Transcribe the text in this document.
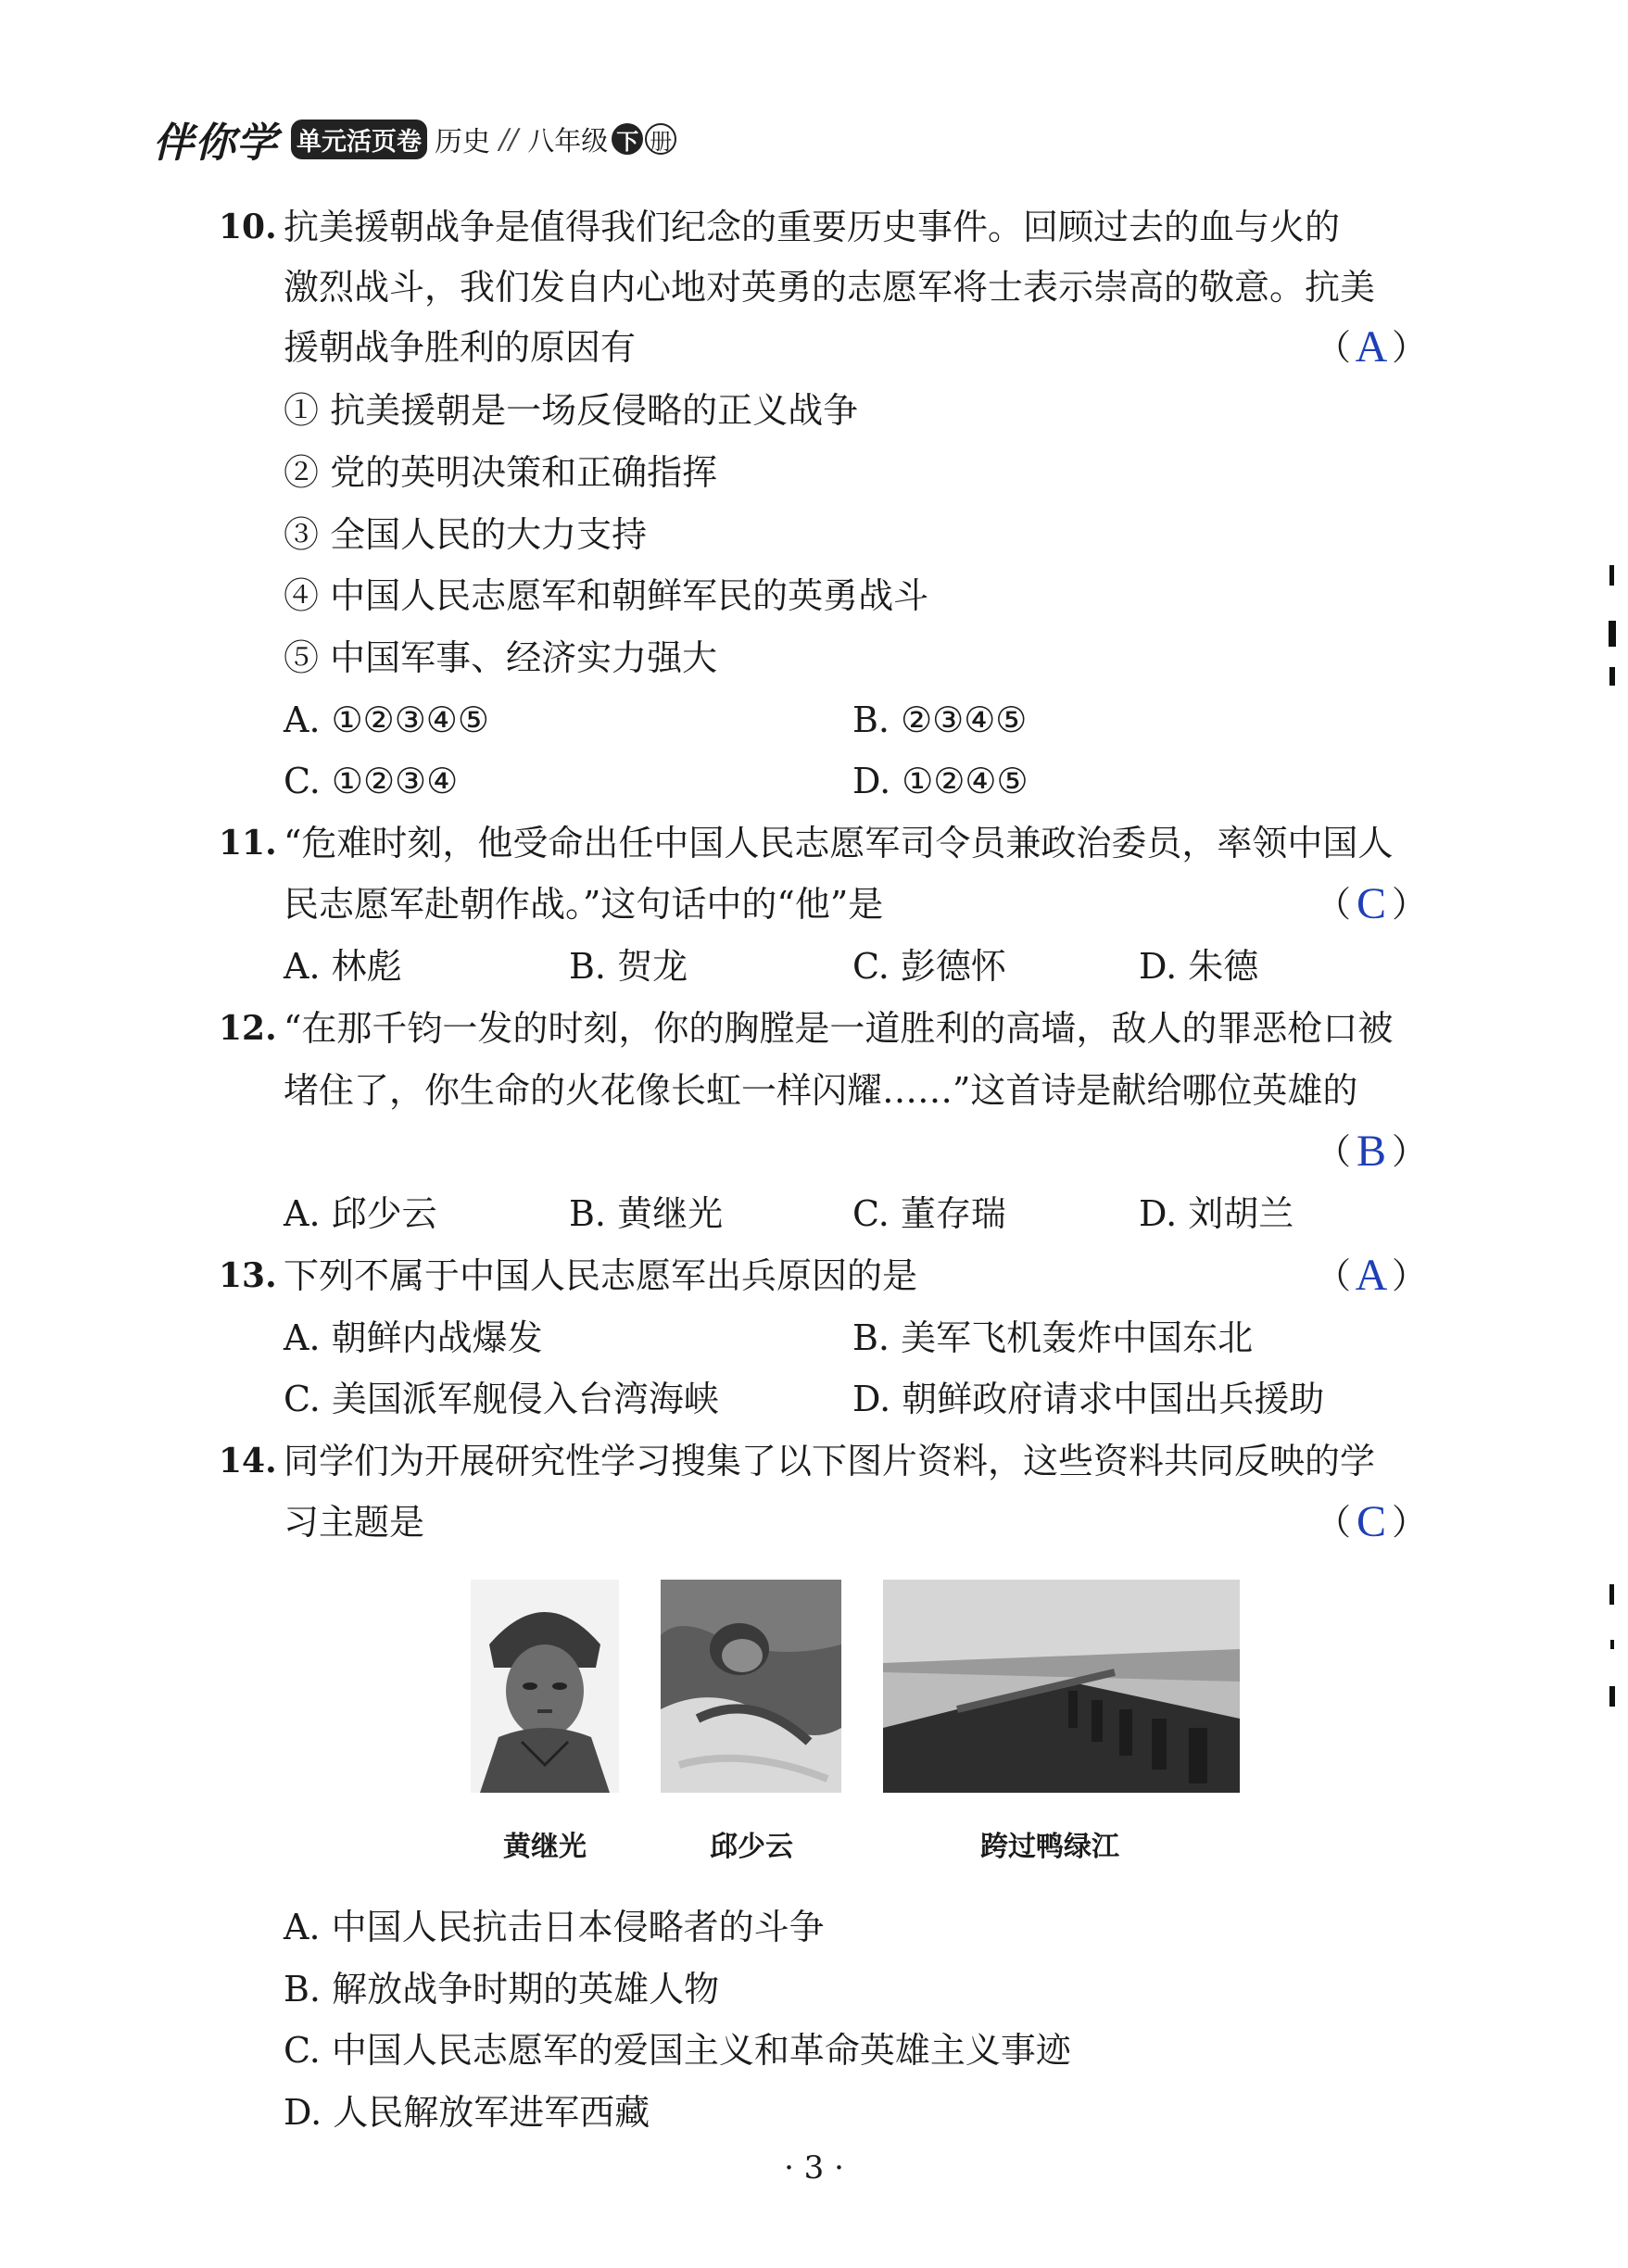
伴你学 单元活页卷 历史 // 八年级 下 册
10. 抗美援朝战争是值得我们纪念的重要历史事件。回顾过去的血与火的
激烈战斗，我们发自内心地对英勇的志愿军将士表示崇高的敬意。抗美
援朝战争胜利的原因有	（ A ）
① 抗美援朝是一场反侵略的正义战争
② 党的英明决策和正确指挥
③ 全国人民的大力支持
④ 中国人民志愿军和朝鲜军民的英勇战斗
⑤ 中国军事、经济实力强大
A. ①②③④⑤	B. ②③④⑤
C. ①②③④	D. ①②④⑤
11. “危难时刻，他受命出任中国人民志愿军司令员兼政治委员，率领中国人
民志愿军赴朝作战。”这句话中的“他”是	（ C ）
A. 林彪	B. 贺龙	C. 彭德怀	D. 朱德
12. “在那千钧一发的时刻，你的胸膛是一道胜利的高墙，敌人的罪恶枪口被
堵住了，你生命的火花像长虹一样闪耀……”这首诗是献给哪位英雄的
（ B ）
A. 邱少云	B. 黄继光	C. 董存瑞	D. 刘胡兰
13. 下列不属于中国人民志愿军出兵原因的是	（ A ）
A. 朝鲜内战爆发	B. 美军飞机轰炸中国东北
C. 美国派军舰侵入台湾海峡	D. 朝鲜政府请求中国出兵援助
14. 同学们为开展研究性学习搜集了以下图片资料，这些资料共同反映的学
习主题是	（ C ）
黄继光	邱少云	跨过鸭绿江
A. 中国人民抗击日本侵略者的斗争
B. 解放战争时期的英雄人物
C. 中国人民志愿军的爱国主义和革命英雄主义事迹
D. 人民解放军进军西藏
· 3 ·
